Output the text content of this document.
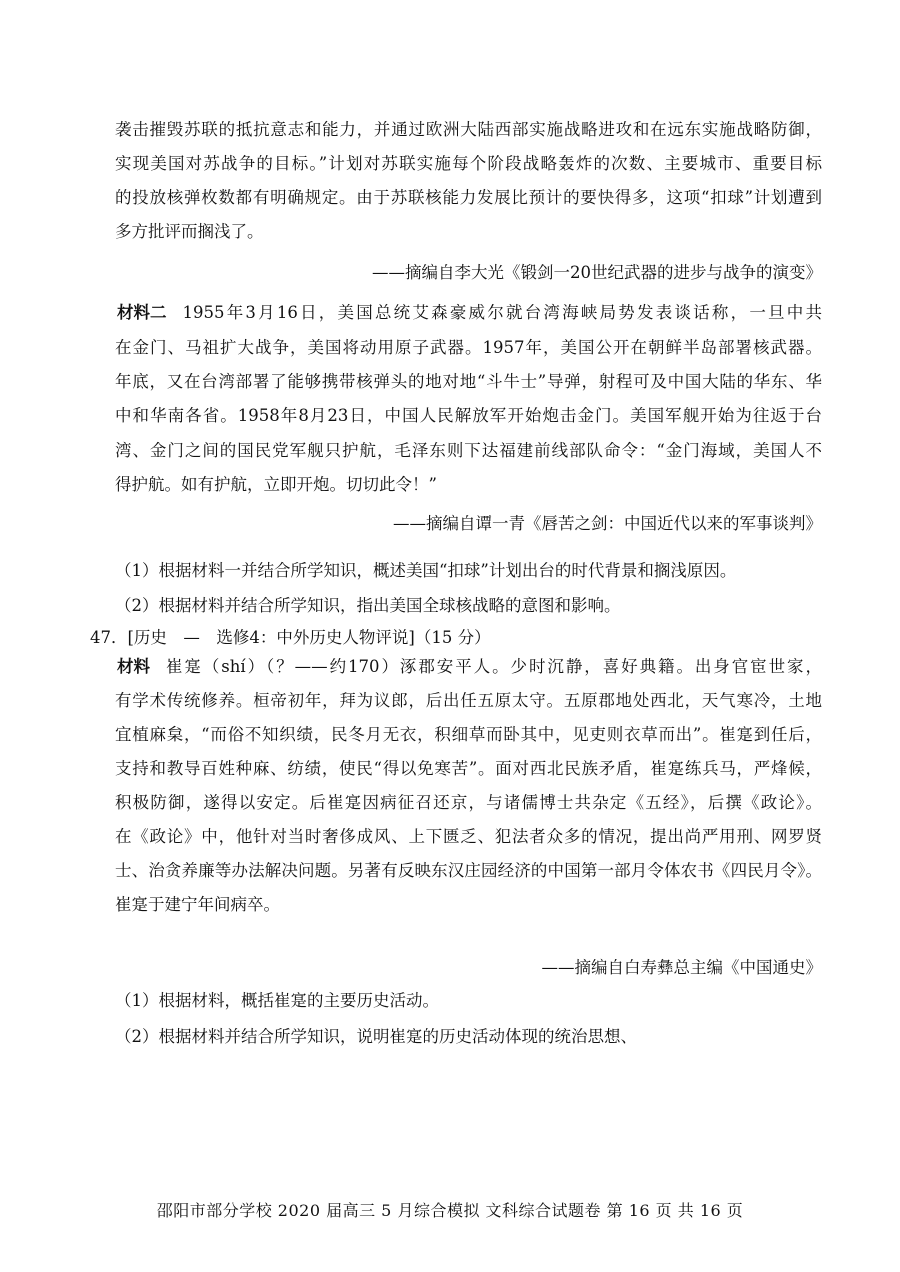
袭击摧毁苏联的抵抗意志和能力，并通过欧洲大陆西部实施战略进攻和在远东实施战略防御，
实现美国对苏战争的目标。”计划对苏联实施每个阶段战略轰炸的次数、主要城市、重要目标
的投放核弹枚数都有明确规定。由于苏联核能力发展比预计的要快得多，这项“扣球”计划遭到
多方批评而搁浅了。
——摘编自李大光《锻剑一20世纪武器的进步与战争的演变》
材料二 1955年3月16日，美国总统艾森豪威尔就台湾海峡局势发表谈话称，一旦中共
在金门、马祖扩大战争，美国将动用原子武器。1957年，美国公开在朝鲜半岛部署核武器。
年底，又在台湾部署了能够携带核弹头的地对地“斗牛士”导弹，射程可及中国大陆的华东、华
中和华南各省。1958年8月23日，中国人民解放军开始炮击金门。美国军舰开始为往返于台
湾、金门之间的国民党军舰只护航，毛泽东则下达福建前线部队命令：“金门海域，美国人不
得护航。如有护航，立即开炮。切切此令！”
——摘编自谭一青《唇苦之剑：中国近代以来的军事谈判》
（1）根据材料一并结合所学知识，概述美国“扣球”计划出台的时代背景和搁浅原因。
（2）根据材料并结合所学知识，指出美国全球核战略的意图和影响。
47．[历史　—　选修4：中外历史人物评说]（15 分）
材料 崔寔（shí）（？——约170）涿郡安平人。少时沉静，喜好典籍。出身官宦世家，
有学术传统修养。桓帝初年，拜为议郎，后出任五原太守。五原郡地处西北，天气寒冷，土地
宜植麻枲，“而俗不知织绩，民冬月无衣，积细草而卧其中，见吏则衣草而出”。崔寔到任后，
支持和教导百姓种麻、纺绩，使民“得以免寒苦”。面对西北民族矛盾，崔寔练兵马，严烽候，
积极防御，遂得以安定。后崔寔因病征召还京，与诸儒博士共杂定《五经》，后撰《政论》。
在《政论》中，他针对当时奢侈成风、上下匮乏、犯法者众多的情况，提出尚严用刑、网罗贤
士、治贪养廉等办法解决问题。另著有反映东汉庄园经济的中国第一部月令体农书《四民月令》。
崔寔于建宁年间病卒。
——摘编自白寿彝总主编《中国通史》
（1）根据材料，概括崔寔的主要历史活动。
（2）根据材料并结合所学知识，说明崔寔的历史活动体现的统治思想、
邵阳市部分学校 2020 届高三 5 月综合模拟 文科综合试题卷 第 16 页 共 16 页
